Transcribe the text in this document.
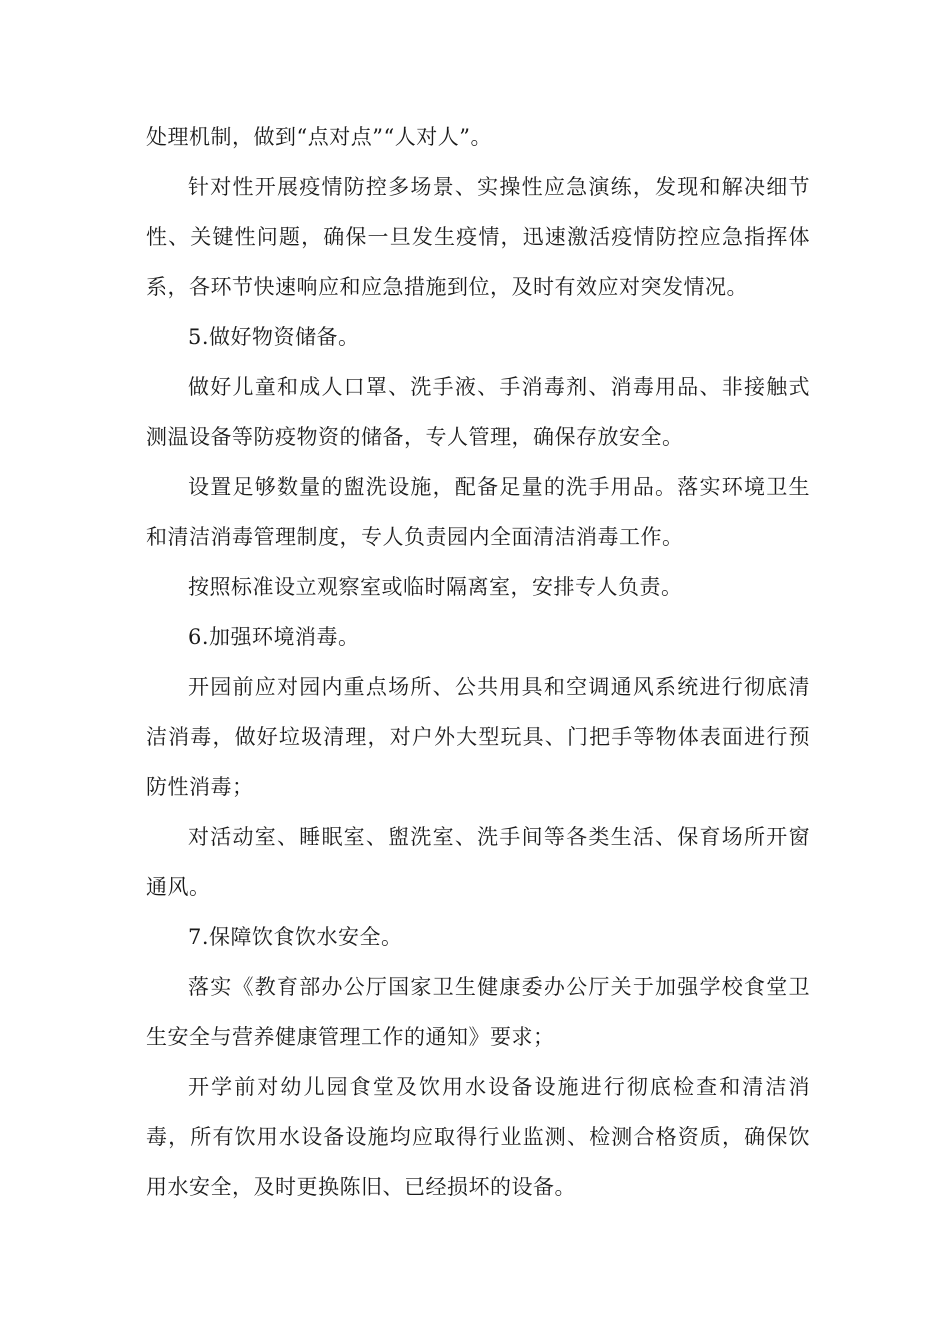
处理机制，做到“点对点”“人对人”。

针对性开展疫情防控多场景、实操性应急演练，发现和解决细节性、关键性问题，确保一旦发生疫情，迅速激活疫情防控应急指挥体系，各环节快速响应和应急措施到位，及时有效应对突发情况。

5.做好物资储备。

做好儿童和成人口罩、洗手液、手消毒剂、消毒用品、非接触式测温设备等防疫物资的储备，专人管理，确保存放安全。

设置足够数量的盥洗设施，配备足量的洗手用品。落实环境卫生和清洁消毒管理制度，专人负责园内全面清洁消毒工作。

按照标准设立观察室或临时隔离室，安排专人负责。

6.加强环境消毒。

开园前应对园内重点场所、公共用具和空调通风系统进行彻底清洁消毒，做好垃圾清理，对户外大型玩具、门把手等物体表面进行预防性消毒；

对活动室、睡眠室、盥洗室、洗手间等各类生活、保育场所开窗通风。

7.保障饮食饮水安全。

落实《教育部办公厅国家卫生健康委办公厅关于加强学校食堂卫生安全与营养健康管理工作的通知》要求；

开学前对幼儿园食堂及饮用水设备设施进行彻底检查和清洁消毒，所有饮用水设备设施均应取得行业监测、检测合格资质，确保饮用水安全，及时更换陈旧、已经损坏的设备。
